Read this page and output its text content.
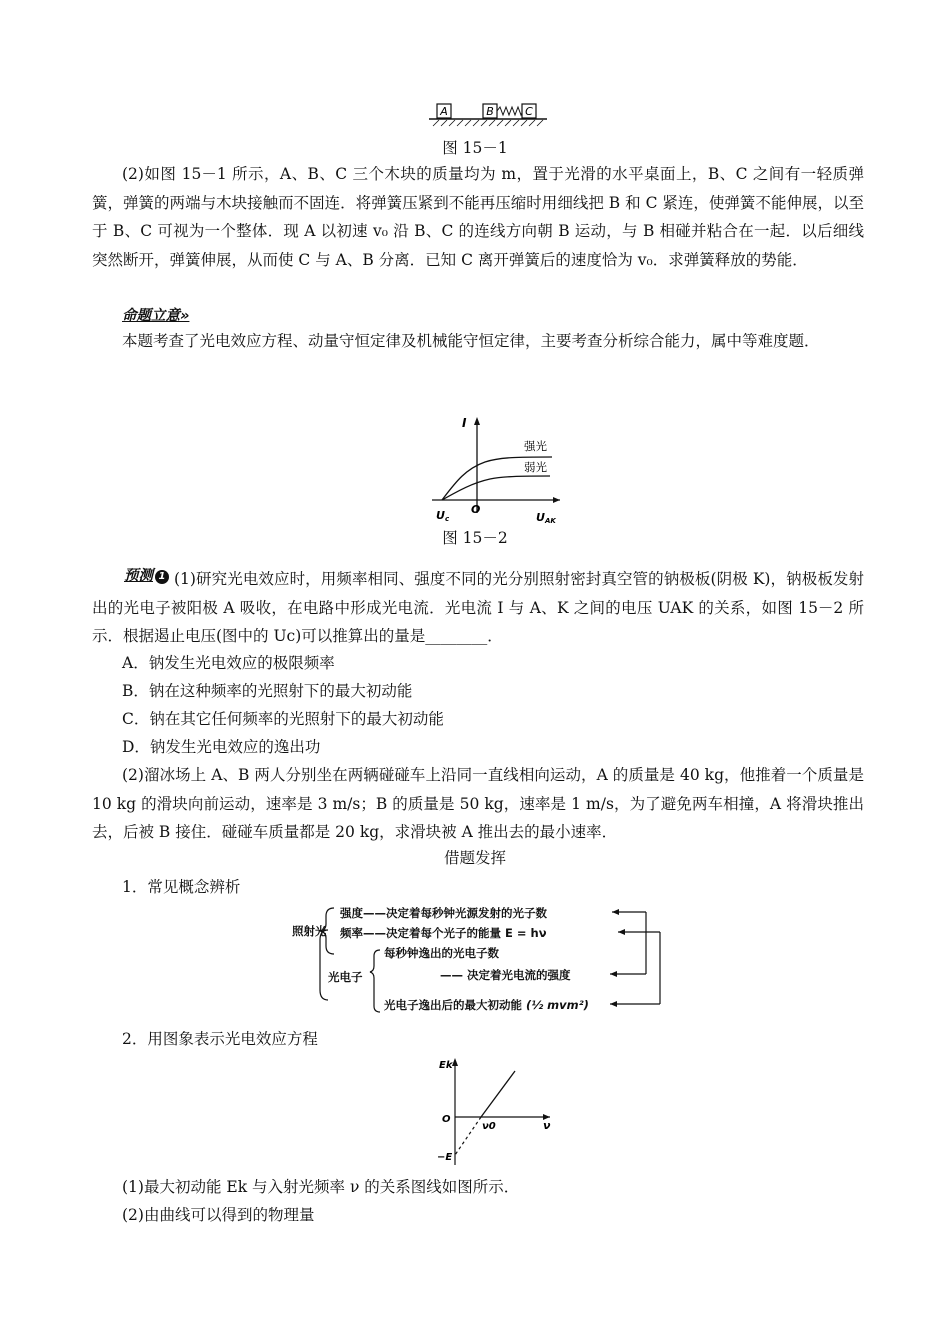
A	B	C
图 15－1
(2)如图 15－1 所示，A、B、C 三个木块的质量均为 m，置于光滑的水平桌面上，B、C 之间有一轻质弹簧，弹簧的两端与木块接触而不固连．将弹簧压紧到不能再压缩时用细线把 B 和 C 紧连，使弹簧不能伸展，以至于 B、C 可视为一个整体．现 A 以初速 v₀ 沿 B、C 的连线方向朝 B 运动，与 B 相碰并粘合在一起．以后细线突然断开，弹簧伸展，从而使 C 与 A、B 分离．已知 C 离开弹簧后的速度恰为 v₀．求弹簧释放的势能．
命题立意»
本题考查了光电效应方程、动量守恒定律及机械能守恒定律，主要考查分析综合能力，属中等难度题．
I
强光
弱光
O
Uc	UAK
图 15－2
预测 1 (1)研究光电效应时，用频率相同、强度不同的光分别照射密封真空管的钠极板(阴极 K)，钠极板发射出的光电子被阳极 A 吸收，在电路中形成光电流．光电流 I 与 A、K 之间的电压 UAK 的关系，如图 15－2 所示．根据遏止电压(图中的 Uc)可以推算出的量是________．
A．钠发生光电效应的极限频率
B．钠在这种频率的光照射下的最大初动能
C．钠在其它任何频率的光照射下的最大初动能
D．钠发生光电效应的逸出功
(2)溜冰场上 A、B 两人分别坐在两辆碰碰车上沿同一直线相向运动，A 的质量是 40 kg，他推着一个质量是 10 kg 的滑块向前运动，速率是 3 m/s；B 的质量是 50 kg，速率是 1 m/s，为了避免两车相撞，A 将滑块推出去，后被 B 接住．碰碰车质量都是 20 kg，求滑块被 A 推出去的最小速率．
借题发挥
1．常见概念辨析
照射光
强度——决定着每秒钟光源发射的光子数
频率——决定着每个光子的能量 E = hν
光电子
每秒钟逸出的光电子数
—— 决定着光电流的强度
光电子逸出后的最大初动能 (½ mvm²)
2．用图象表示光电效应方程
Ek
O
ν0	ν
−E
(1)最大初动能 Ek 与入射光频率 ν 的关系图线如图所示．
(2)由曲线可以得到的物理量
